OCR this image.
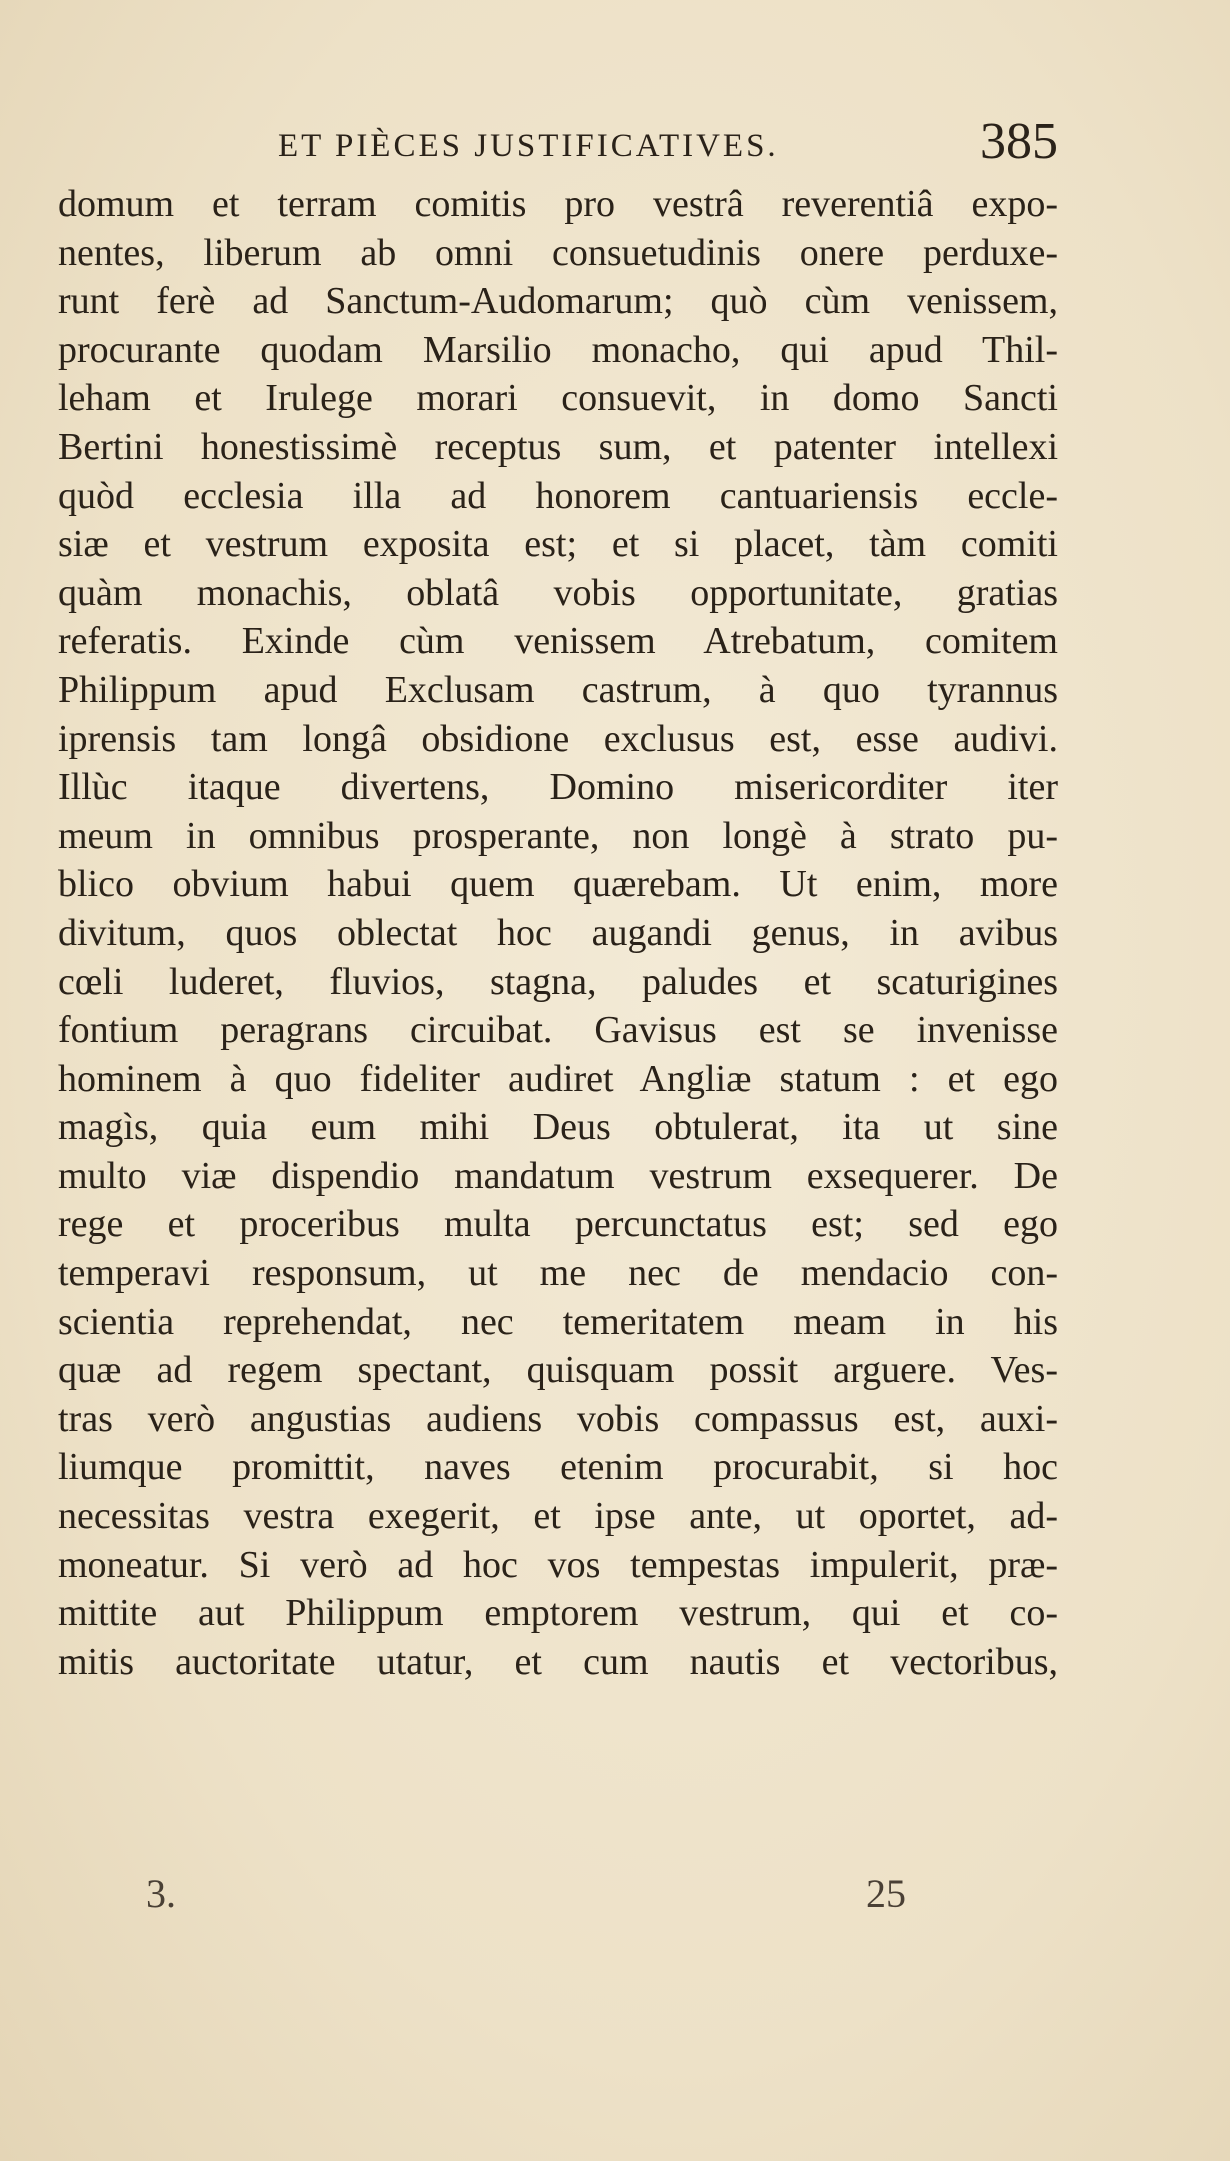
ET PIÈCES JUSTIFICATIVES.	385
domum et terram comitis pro vestrâ reverentiâ expo-
nentes, liberum ab omni consuetudinis onere perduxe-
runt ferè ad Sanctum-Audomarum; quò cùm venissem,
procurante quodam Marsilio monacho, qui apud Thil-
leham et Irulege morari consuevit, in domo Sancti
Bertini honestissimè receptus sum, et patenter intellexi
quòd ecclesia illa ad honorem cantuariensis eccle-
siæ et vestrum exposita est; et si placet, tàm comiti
quàm monachis, oblatâ vobis opportunitate, gratias
referatis. Exinde cùm venissem Atrebatum, comitem
Philippum apud Exclusam castrum, à quo tyrannus
iprensis tam longâ obsidione exclusus est, esse audivi.
Illùc itaque divertens, Domino misericorditer iter
meum in omnibus prosperante, non longè à strato pu-
blico obvium habui quem quærebam. Ut enim, more
divitum, quos oblectat hoc augandi genus, in avibus
cœli luderet, fluvios, stagna, paludes et scaturigines
fontium peragrans circuibat. Gavisus est se invenisse
hominem à quo fideliter audiret Angliæ statum : et ego
magìs, quia eum mihi Deus obtulerat, ita ut sine
multo viæ dispendio mandatum vestrum exsequerer. De
rege et proceribus multa percunctatus est; sed ego
temperavi responsum, ut me nec de mendacio con-
scientia reprehendat, nec temeritatem meam in his
quæ ad regem spectant, quisquam possit arguere. Ves-
tras verò angustias audiens vobis compassus est, auxi-
liumque promittit, naves etenim procurabit, si hoc
necessitas vestra exegerit, et ipse ante, ut oportet, ad-
moneatur. Si verò ad hoc vos tempestas impulerit, præ-
mittite aut Philippum emptorem vestrum, qui et co-
mitis auctoritate utatur, et cum nautis et vectoribus,
3.	25
